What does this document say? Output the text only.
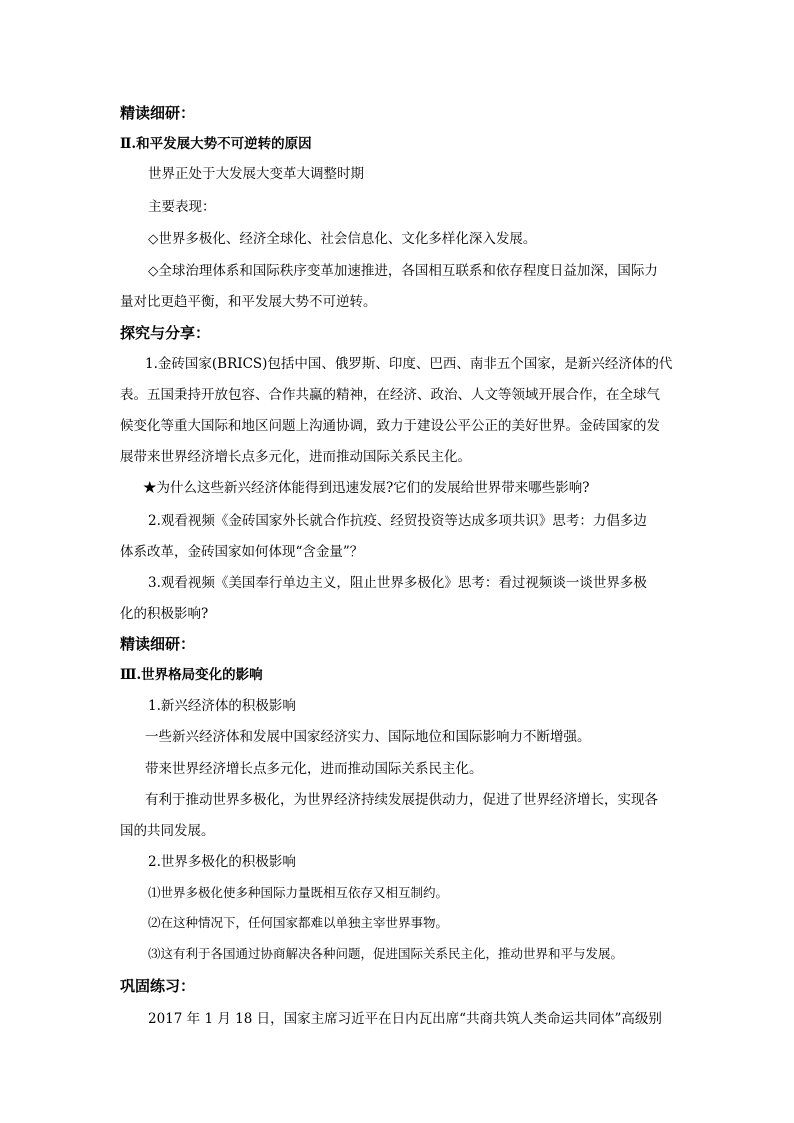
精读细研：
Ⅱ.和平发展大势不可逆转的原因
世界正处于大发展大变革大调整时期
主要表现：
◇世界多极化、经济全球化、社会信息化、文化多样化深入发展。
◇全球治理体系和国际秩序变革加速推进，各国相互联系和依存程度日益加深，国际力
量对比更趋平衡，和平发展大势不可逆转。
探究与分享：
1.金砖国家(BRICS)包括中国、俄罗斯、印度、巴西、南非五个国家，是新兴经济体的代
表。五国秉持开放包容、合作共赢的精神，在经济、政治、人文等领域开展合作，在全球气
候变化等重大国际和地区问题上沟通协调，致力于建设公平公正的美好世界。金砖国家的发
展带来世界经济增长点多元化，进而推动国际关系民主化。
★为什么这些新兴经济体能得到迅速发展?它们的发展给世界带来哪些影响?
2.观看视频《金砖国家外长就合作抗疫、经贸投资等达成多项共识》思考：力倡多边
体系改革，金砖国家如何体现“含金量”？
3.观看视频《美国奉行单边主义，阻止世界多极化》思考：看过视频谈一谈世界多极
化的积极影响?
精读细研：
Ⅲ.世界格局变化的影响
1.新兴经济体的积极影响
一些新兴经济体和发展中国家经济实力、国际地位和国际影响力不断增强。
带来世界经济增长点多元化，进而推动国际关系民主化。
有利于推动世界多极化，为世界经济持续发展提供动力，促进了世界经济增长，实现各
国的共同发展。
2.世界多极化的积极影响
⑴世界多极化使多种国际力量既相互依存又相互制约。
⑵在这种情况下，任何国家都难以单独主宰世界事物。
⑶这有利于各国通过协商解决各种问题，促进国际关系民主化，推动世界和平与发展。
巩固练习：
2017 年 1 月 18 日，国家主席习近平在日内瓦出席“共商共筑人类命运共同体”高级别
